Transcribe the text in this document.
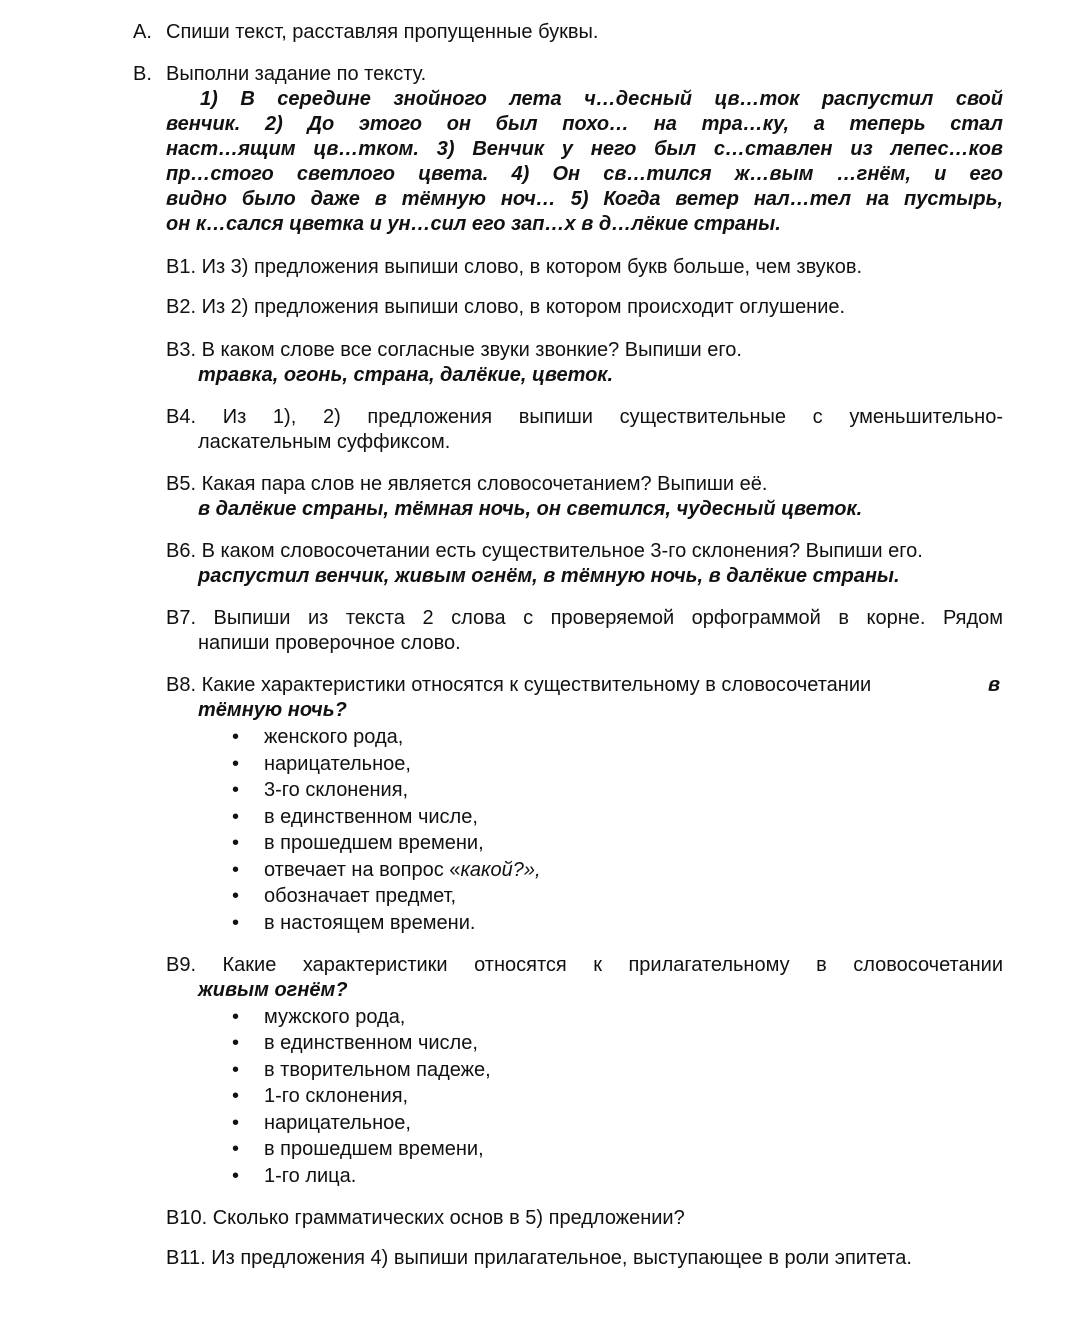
A. Спиши текст, расставляя пропущенные буквы.
B. Выполни задание по тексту.
1) В середине знойного лета ч…десный цв…ток распустил свой
венчик. 2) До этого он был похо… на тра…ку, а теперь стал
наст…ящим цв…тком. 3) Венчик у него был с…ставлен из лепес…ков
пр…стого светлого цвета. 4) Он св…тился ж…вым …гнём, и его
видно было даже в тёмную ноч… 5) Когда ветер нал…тел на пустырь,
он к…сался цветка и ун…сил его зап…х в д…лёкие страны.
В1. Из 3) предложения выпиши слово, в котором букв больше, чем звуков.
В2. Из 2) предложения выпиши слово, в котором происходит оглушение.
В3. В каком слове все согласные звуки звонкие? Выпиши его.
травка, огонь, страна, далёкие, цветок.
В4. Из 1), 2) предложения выпиши существительные с уменьшительно-
ласкательным суффиксом.
В5. Какая пара слов не является словосочетанием? Выпиши её.
в далёкие страны, тёмная ночь, он светился, чудесный цветок.
В6. В каком словосочетании есть существительное 3-го склонения? Выпиши его.
распустил венчик, живым огнём, в тёмную ночь, в далёкие страны.
В7. Выпиши из текста 2 слова с проверяемой орфограммой в корне. Рядом
напиши проверочное слово.
В8. Какие характеристики относятся к существительному в словосочетании	в
тёмную ночь?
женского рода,
нарицательное,
3-го склонения,
в единственном числе,
в прошедшем времени,
отвечает на вопрос «какой?»,
обозначает предмет,
в настоящем времени.
В9. Какие характеристики относятся к прилагательному в словосочетании
живым огнём?
мужского рода,
в единственном числе,
в творительном падеже,
1-го склонения,
нарицательное,
в прошедшем времени,
1-го лица.
В10. Сколько грамматических основ в 5) предложении?
В11. Из предложения 4) выпиши прилагательное, выступающее в роли эпитета.
